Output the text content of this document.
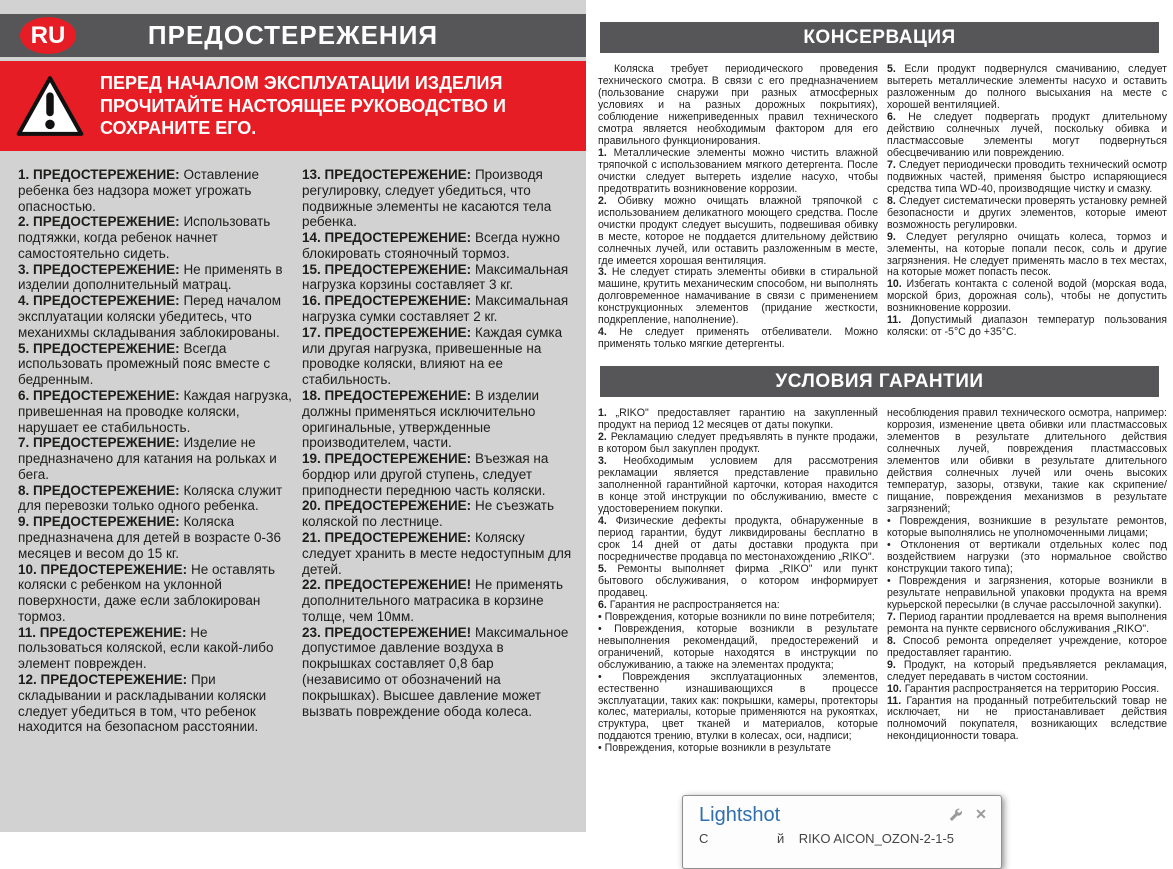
RU	ПРЕДОСТЕРЕЖЕНИЯ
ПЕРЕД НАЧАЛОМ ЭКСПЛУАТАЦИИ ИЗДЕЛИЯ ПРОЧИТАЙТЕ НАСТОЯЩЕЕ РУКОВОДСТВО И СОХРАНИТЕ ЕГО.

1. ПРЕДОСТЕРЕЖЕНИЕ: Оставление ребенка без надзора может угрожать опасностью.

2. ПРЕДОСТЕРЕЖЕНИЕ: Использовать подтяжки, когда ребенок начнет самостоятельно сидеть.

3. ПРЕДОСТЕРЕЖЕНИЕ: Не применять в изделии дополнительный матрац.

4. ПРЕДОСТЕРЕЖЕНИЕ: Перед началом эксплуатации коляски убедитесь, что механихмы складывания заблокированы.

5. ПРЕДОСТЕРЕЖЕНИЕ: Всегда использовать промежный пояс вместе с бедренным.

6. ПРЕДОСТЕРЕЖЕНИЕ: Каждая нагрузка, привешенная на проводке коляски, нарушает ее стабильность.

7. ПРЕДОСТЕРЕЖЕНИЕ: Изделие не предназначено для катания на рольках и бега.

8. ПРЕДОСТЕРЕЖЕНИЕ: Коляска служит для перевозки только одного ребенка.

9. ПРЕДОСТЕРЕЖЕНИЕ: Коляска предназначена для детей в возрасте 0-36 месяцев и весом до 15 кг.

10. ПРЕДОСТЕРЕЖЕНИЕ: Не оставлять коляски с ребенком на уклонной поверхности, даже если заблокирован тормоз.

11. ПРЕДОСТЕРЕЖЕНИЕ: Не пользоваться коляской, если какой-либо элемент поврежден.

12. ПРЕДОСТЕРЕЖЕНИЕ: При складывании и раскладывании коляски следует убедиться в том, что ребенок находится на безопасном расстоянии.

13. ПРЕДОСТЕРЕЖЕНИЕ: Производя регулировку, следует убедиться, что подвижные элементы не касаются тела ребенка.

14. ПРЕДОСТЕРЕЖЕНИЕ: Всегда нужно блокировать стояночный тормоз.

15. ПРЕДОСТЕРЕЖЕНИЕ: Максимальная нагрузка корзины составляет 3 кг.

16. ПРЕДОСТЕРЕЖЕНИЕ: Максимальная нагрузка сумки составляет 2 кг.

17. ПРЕДОСТЕРЕЖЕНИЕ: Каждая сумка или другая нагрузка, привешенные на проводке коляски, влияют на ее стабильность.

18. ПРЕДОСТЕРЕЖЕНИЕ: В изделии должны применяться исключительно оригинальные, утвержденные производителем, части.

19. ПРЕДОСТЕРЕЖЕНИЕ: Въезжая на бордюр или другой ступень, следует приподнести переднюю часть коляски.

20. ПРЕДОСТЕРЕЖЕНИЕ: Не съезжать коляской по лестнице.

21. ПРЕДОСТЕРЕЖЕНИЕ: Коляску следует хранить в месте недоступным для детей.

22. ПРЕДОСТЕРЕЖЕНИЕ! Не применять дополнительного матрасика в корзине толще, чем 10мм.

23. ПРЕДОСТЕРЕЖЕНИЕ! Максимальное допустимое давление воздуха в покрышках составляет 0,8 бар (независимо от обозначений на покрышках). Высшее давление может вызвать повреждение обода колеса.

КОНСЕРВАЦИЯ

Коляска требует периодического проведения технического смотра. В связи с его предназначением (пользование снаружи при разных атмосферных условиях и на разных дорожных покрытиях), соблюдение нижеприведенных правил технического смотра является необходимым фактором для его правильного функционирования.

1. Металлические элементы можно чистить влажной тряпочкой с использованием мягкого детергента. После очистки следует вытереть изделие насухо, чтобы предотвратить возникновение коррозии.

2. Обивку можно очищать влажной тряпочкой с использованием деликатного моющего средства. После очистки продукт следует высушить, подвешивая обивку в месте, которое не поддается длительному действию солнечных лучей, или оставить разложенным в месте, где имеется хорошая вентиляция.

3. Не следует стирать элементы обивки в стиральной машине, крутить механическим способом, ни выполнять долговременное намачивание в связи с применением конструкционных элементов (придание жесткости, подкрепление, наполнение).

4. Не следует применять отбеливатели. Можно применять только мягкие детергенты.

5. Если продукт подвернулся смачиванию, следует вытереть металлические элементы насухо и оставить разложенным до полного высыхания на месте с хорошей вентиляцией.

6. Не следует подвергать продукт длительному действию солнечных лучей, поскольку обивка и пластмассовые элементы могут подвернуться обесцвечиванию или повреждению.

7. Следует периодически проводить технический осмотр подвижных частей, применяя быстро испаряющиеся средства типа WD-40, производящие чистку и смазку.

8. Следует систематически проверять установку ремней безопасности и других элементов, которые имеют возможность регулировки.

9. Следует регулярно очищать колеса, тормоз и элементы, на которые попали песок, соль и другие загрязнения. Не следует применять масло в тех местах, на которые может попасть песок.

10. Избегать контакта с соленой водой (морская вода, морской бриз, дорожная соль), чтобы не допустить возникновение коррозии.

11. Допустимый диапазон температур пользования коляски: от -5°С до +35°С.

УСЛОВИЯ ГАРАНТИИ

1. „RIKO" предоставляет гарантию на закупленный продукт на период 12 месяцев от даты покупки.

2. Рекламацию следует предъявлять в пункте продажи, в котором был закуплен продукт.

3. Необходимым условием для рассмотрения рекламации является представление правильно заполненной гарантийной карточки, которая находится в конце этой инструкции по обслуживанию, вместе с удостоверением покупки.

4. Физические дефекты продукта, обнаруженные в период гарантии, будут ликвидированы бесплатно в срок 14 дней от даты доставки продукта при посредничестве продавца по местонахождению „RIKO".

5. Ремонты выполняет фирма „RIKO" или пункт бытового обслуживания, о котором информирует продавец.

6. Гарантия не распространяется на:

• Повреждения, которые возникли по вине потребителя;

• Повреждения, которые возникли в результате невыполнения рекомендаций, предостережений и ограничений, которые находятся в инструкции по обслуживанию, а также на элементах продукта;

• Повреждения эксплуатационных элементов, естественно изнашивающихся в процессе эксплуатации, таких как: покрышки, камеры, протекторы колес, материалы, которые применяются на рукоятках, структура, цвет тканей и материалов, которые поддаются трению, втулки в колесах, оси, надписи;

• Повреждения, которые возникли в результате

несоблюдения правил технического осмотра, например: коррозия, изменение цвета обивки или пластмассовых элементов в результате длительного действия солнечных лучей, повреждения пластмассовых элементов или обивки в результате длительного действия солнечных лучей или очень высоких температур, зазоры, отзвуки, такие как скрипение/ пищание, повреждения механизмов в результате загрязнений;

• Повреждения, возникшие в результате ремонтов, которые выполнялись не уполномоченными лицами;

• Отклонения от вертикали отдельных колес под воздействием нагрузки (это нормальное свойство конструкции такого типа);

• Повреждения и загрязнения, которые возникли в результате неправильной упаковки продукта на время курьерской пересылки (в случае рассылочной закупки).

7. Период гарантии продлевается на время выполнения ремонта на пункте сервисного обслуживания „RIKO".

8. Способ ремонта определяет учреждение, которое предоставляет гарантию.

9. Продукт, на который предъявляется рекламация, следует передавать в чистом состоянии.

10. Гарантия распространяется на территорию Россия.

11. Гарантия на проданный потребительский товар не исключает, ни не приостанавливает действия полномочий покупателя, возникающих вследствие некондиционности товара.

Lightshot	✕
С                   й    RIKO AICON_OZON-2-1-5
